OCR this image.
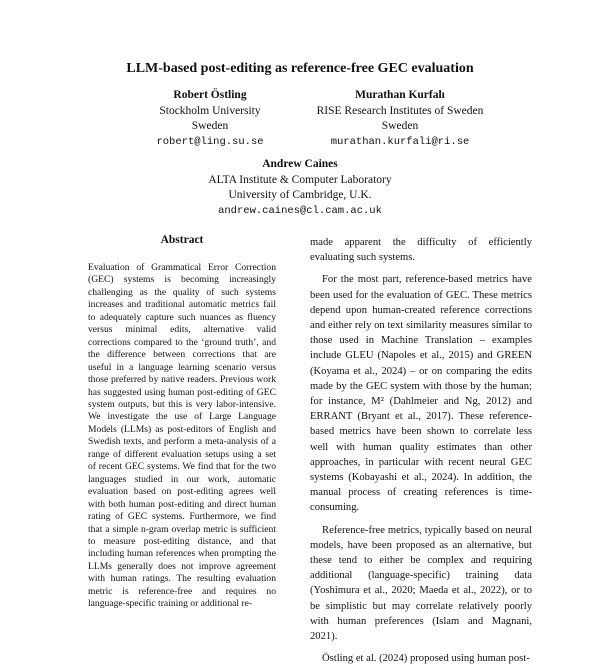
LLM-based post-editing as reference-free GEC evaluation
Robert Östling
Stockholm University
Sweden
robert@ling.su.se
Murathan Kurfalı
RISE Research Institutes of Sweden
Sweden
murathan.kurfali@ri.se
Andrew Caines
ALTA Institute & Computer Laboratory
University of Cambridge, U.K.
andrew.caines@cl.cam.ac.uk
Abstract
Evaluation of Grammatical Error Correction (GEC) systems is becoming increasingly challenging as the quality of such systems increases and traditional automatic metrics fail to adequately capture such nuances as fluency versus minimal edits, alternative valid corrections compared to the ‘ground truth’, and the difference between corrections that are useful in a language learning scenario versus those preferred by native readers. Previous work has suggested using human post-editing of GEC system outputs, but this is very labor-intensive. We investigate the use of Large Language Models (LLMs) as post-editors of English and Swedish texts, and perform a meta-analysis of a range of different evaluation setups using a set of recent GEC systems. We find that for the two languages studied in our work, automatic evaluation based on post-editing agrees well with both human post-editing and direct human rating of GEC systems. Furthermore, we find that a simple n-gram overlap metric is sufficient to measure post-editing distance, and that including human references when prompting the LLMs generally does not improve agreement with human ratings. The resulting evaluation metric is reference-free and requires no language-specific training or additional re-

made apparent the difficulty of efficiently evaluating such systems.

For the most part, reference-based metrics have been used for the evaluation of GEC. These metrics depend upon human-created reference corrections and either rely on text similarity measures similar to those used in Machine Translation – examples include GLEU (Napoles et al., 2015) and GREEN (Koyama et al., 2024) – or on comparing the edits made by the GEC system with those by the human; for instance, M² (Dahlmeier and Ng, 2012) and ERRANT (Bryant et al., 2017). These reference-based metrics have been shown to correlate less well with human quality estimates than other approaches, in particular with recent neural GEC systems (Kobayashi et al., 2024). In addition, the manual process of creating references is time-consuming.

Reference-free metrics, typically based on neural models, have been proposed as an alternative, but these tend to either be complex and requiring additional (language-specific) training data (Yoshimura et al., 2020; Maeda et al., 2022), or to be simplistic but may correlate relatively poorly with human preferences (Islam and Magnani, 2021).

Östling et al. (2024) proposed using human post-
